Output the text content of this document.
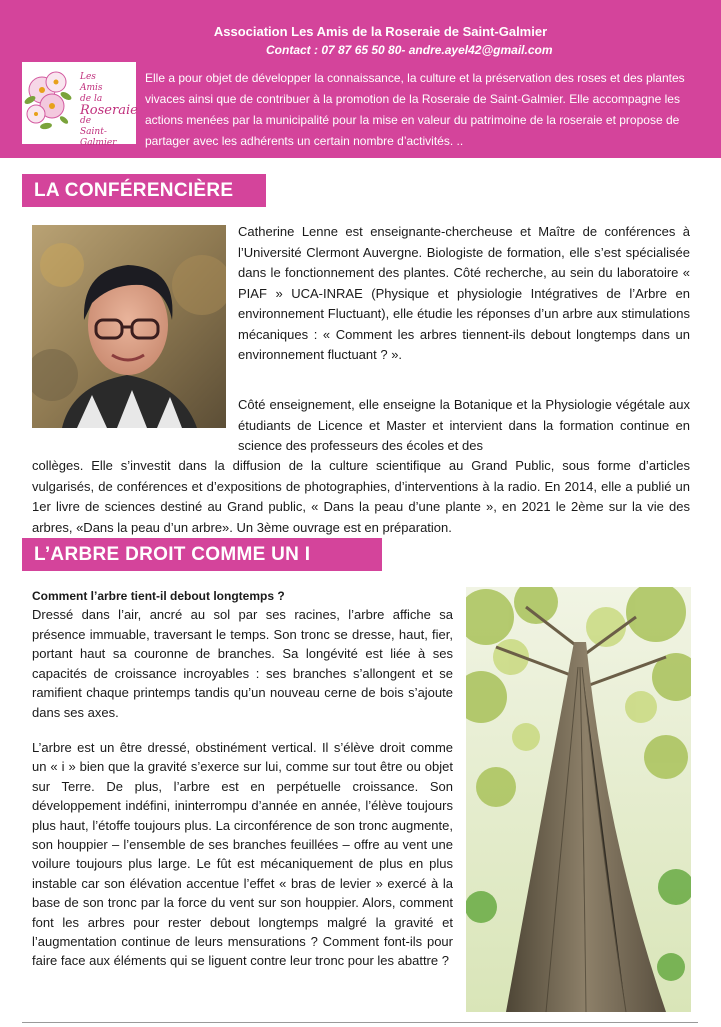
Association Les Amis de la Roseraie de Saint-Galmier
Contact : 07 87 65 50 80- andre.ayel42@gmail.com
Les
Amis
de la
Roseraie
de
Saint-Galmier
Elle a pour objet de développer la connaissance, la culture et la préservation des roses et des plantes vivaces ainsi que de contribuer à la promotion de la Roseraie de Saint-Galmier. Elle accompagne les actions menées par la municipalité pour la mise en valeur du patrimoine de la roseraie et propose de partager avec les adhérents un certain nombre d’activités. ..
LA CONFÉRENCIÈRE
Catherine Lenne est enseignante-chercheuse et Maître de conférences à l’Université Clermont Auvergne. Biologiste de formation, elle s’est spécialisée dans le fonctionnement des plantes. Côté recherche, au sein du laboratoire « PIAF » UCA-INRAE (Physique et physiologie Intégratives de l’Arbre en environnement Fluctuant), elle étudie les réponses d’un arbre aux stimulations mécaniques : « Comment les arbres tiennent-ils debout longtemps dans un environnement fluctuant ? ».
Côté enseignement, elle enseigne la Botanique et la Physiologie végétale aux étudiants de Licence et Master et intervient dans la formation continue en science des professeurs des écoles et des
collèges. Elle s’investit dans la diffusion de la culture scientifique au Grand Public, sous forme d’articles vulgarisés, de conférences et d’expositions de photographies, d’interventions à la radio. En 2014, elle a publié un 1er livre de sciences destiné au Grand public, « Dans la peau d’une plante », en 2021 le 2ème sur la vie des arbres, «Dans la peau d’un arbre». Un 3ème ouvrage est en préparation.
L’ARBRE DROIT COMME UN I
Comment l’arbre tient-il debout longtemps ?
Dressé dans l’air, ancré au sol par ses racines, l’arbre affiche sa présence immuable, traversant le temps. Son tronc se dresse, haut, fier, portant haut sa couronne de branches. Sa longévité est liée à ses capacités de croissance incroyables : ses branches s’allongent et se ramifient chaque printemps tandis qu’un nouveau cerne de bois s’ajoute dans ses axes.
L’arbre est un être dressé, obstinément vertical. Il s’élève droit comme un « i » bien que la gravité s’exerce sur lui, comme sur tout être ou objet sur Terre. De plus, l’arbre est en perpétuelle croissance. Son développement indéfini, ininterrompu d’année en année, l’élève toujours plus haut, l’étoffe toujours plus. La circonférence de son tronc augmente, son houppier – l’ensemble de ses branches feuillées – offre au vent une voilure toujours plus large. Le fût est mécaniquement de plus en plus instable car son élévation accentue l’effet « bras de levier » exercé à la base de son tronc par la force du vent sur son houppier. Alors, comment font les arbres pour rester debout longtemps malgré la gravité et l’augmentation continue de leurs mensurations ? Comment font-ils pour faire face aux éléments qui se liguent contre leur tronc pour les abattre ?
